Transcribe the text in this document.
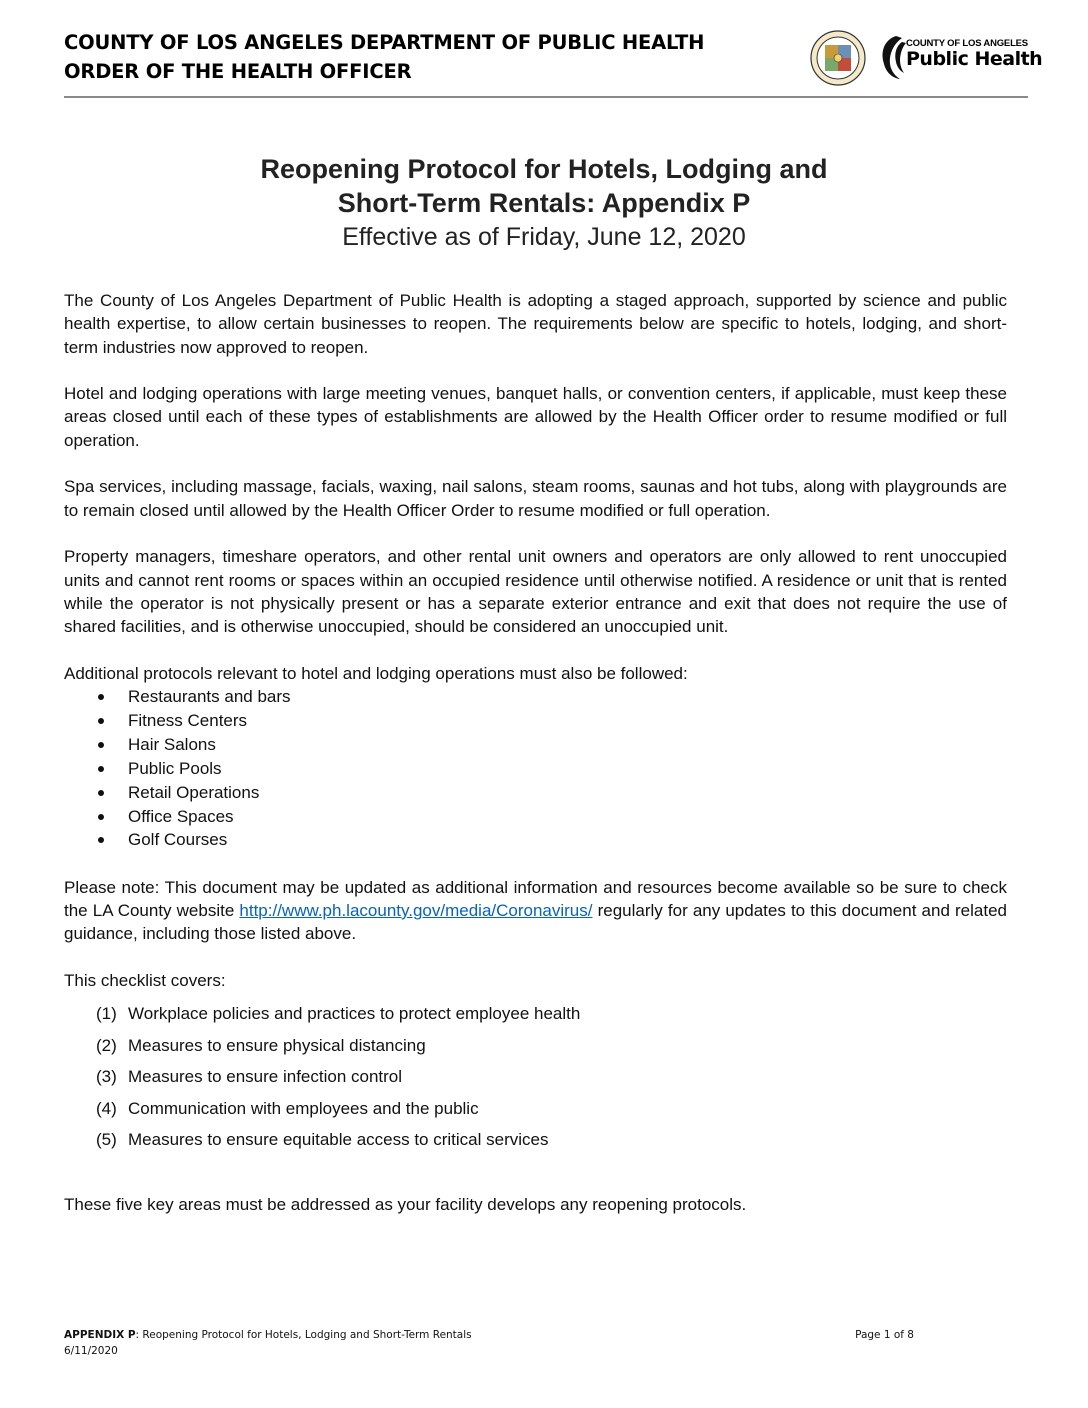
COUNTY OF LOS ANGELES DEPARTMENT OF PUBLIC HEALTH
ORDER OF THE HEALTH OFFICER
COUNTY OF LOS ANGELES
Public Health
Reopening Protocol for Hotels, Lodging and
Short-Term Rentals: Appendix P
Effective as of Friday, June 12, 2020

The County of Los Angeles Department of Public Health is adopting a staged approach, supported by science and public health expertise, to allow certain businesses to reopen. The requirements below are specific to hotels, lodging, and short-term industries now approved to reopen.

Hotel and lodging operations with large meeting venues, banquet halls, or convention centers, if applicable, must keep these areas closed until each of these types of establishments are allowed by the Health Officer order to resume modified or full operation.

Spa services, including massage, facials, waxing, nail salons, steam rooms, saunas and hot tubs, along with playgrounds are to remain closed until allowed by the Health Officer Order to resume modified or full operation.

Property managers, timeshare operators, and other rental unit owners and operators are only allowed to rent unoccupied units and cannot rent rooms or spaces within an occupied residence until otherwise notified. A residence or unit that is rented while the operator is not physically present or has a separate exterior entrance and exit that does not require the use of shared facilities, and is otherwise unoccupied, should be considered an unoccupied unit.

Additional protocols relevant to hotel and lodging operations must also be followed:

Restaurants and bars
Fitness Centers
Hair Salons
Public Pools
Retail Operations
Office Spaces
Golf Courses

Please note: This document may be updated as additional information and resources become available so be sure to check the LA County website http://www.ph.lacounty.gov/media/Coronavirus/ regularly for any updates to this document and related guidance, including those listed above.

This checklist covers:

(1) Workplace policies and practices to protect employee health
(2) Measures to ensure physical distancing
(3) Measures to ensure infection control
(4) Communication with employees and the public
(5) Measures to ensure equitable access to critical services

These five key areas must be addressed as your facility develops any reopening protocols.

APPENDIX P: Reopening Protocol for Hotels, Lodging and Short-Term Rentals
6/11/2020
Page 1 of 8
